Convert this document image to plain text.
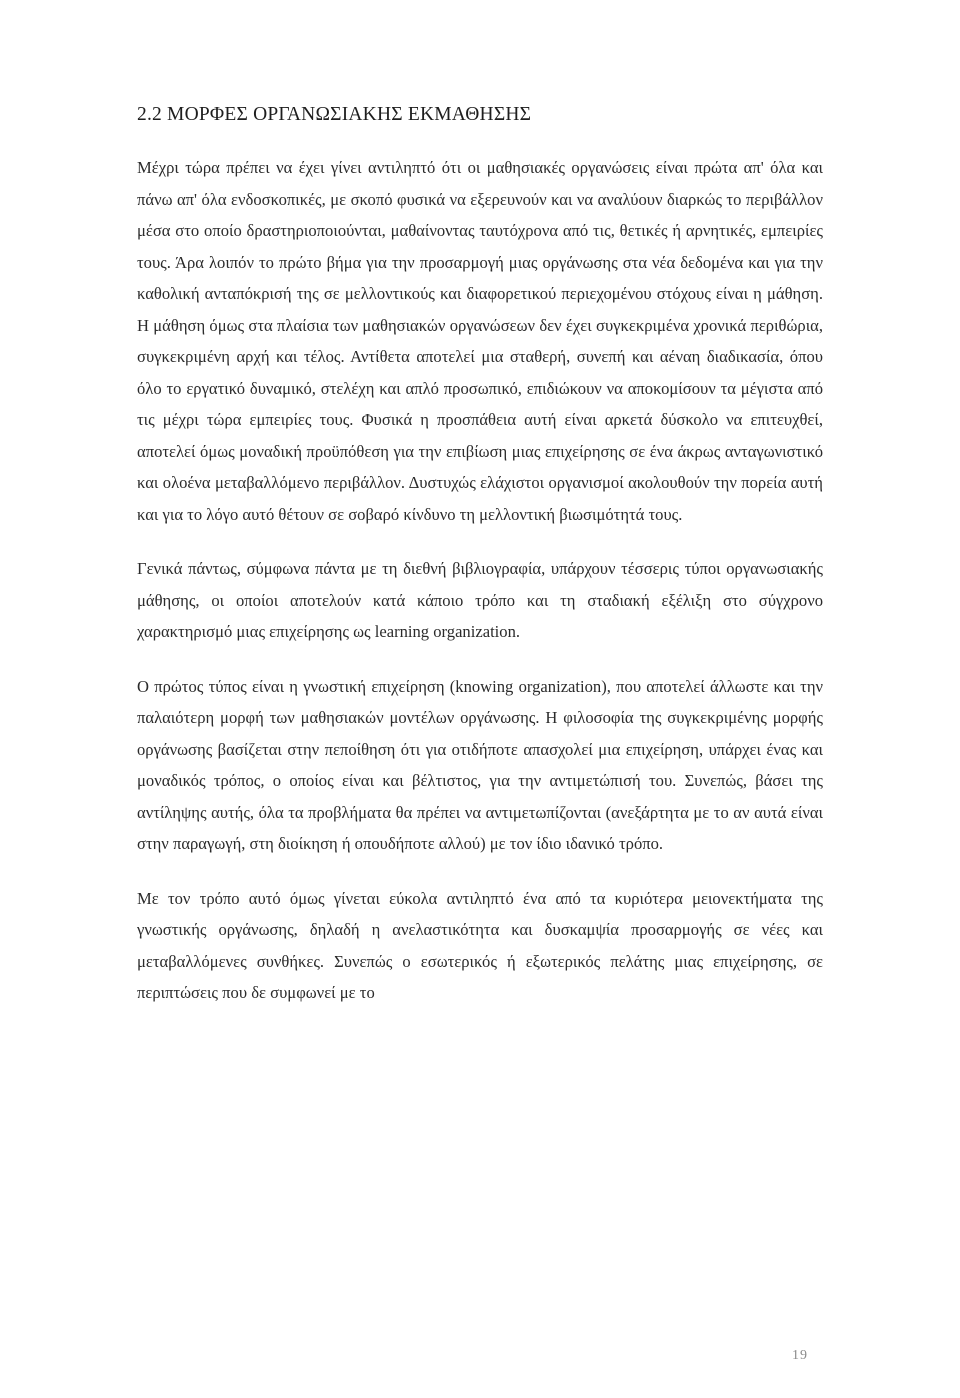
2.2 ΜΟΡΦΕΣ ΟΡΓΑΝΩΣΙΑΚΗΣ ΕΚΜΑΘΗΣΗΣ

Μέχρι τώρα πρέπει να έχει γίνει αντιληπτό ότι οι μαθησιακές οργανώσεις είναι πρώτα απ' όλα και πάνω απ' όλα ενδοσκοπικές, με σκοπό φυσικά να εξερευνούν και να αναλύουν διαρκώς το περιβάλλον μέσα στο οποίο δραστηριοποιούνται, μαθαίνοντας ταυτόχρονα από τις, θετικές ή αρνητικές, εμπειρίες τους. Άρα λοιπόν το πρώτο βήμα για την προσαρμογή μιας οργάνωσης στα νέα δεδομένα και για την καθολική ανταπόκρισή της σε μελλοντικούς και διαφορετικού περιεχομένου στόχους είναι η μάθηση. Η μάθηση όμως στα πλαίσια των μαθησιακών οργανώσεων δεν έχει συγκεκριμένα χρονικά περιθώρια, συγκεκριμένη αρχή και τέλος. Αντίθετα αποτελεί μια σταθερή, συνεπή και αέναη διαδικασία, όπου όλο το εργατικό δυναμικό, στελέχη και απλό προσωπικό, επιδιώκουν να αποκομίσουν τα μέγιστα από τις μέχρι τώρα εμπειρίες τους. Φυσικά η προσπάθεια αυτή είναι αρκετά δύσκολο να επιτευχθεί, αποτελεί όμως μοναδική προϋπόθεση για την επιβίωση μιας επιχείρησης σε ένα άκρως ανταγωνιστικό και ολοένα μεταβαλλόμενο περιβάλλον. Δυστυχώς ελάχιστοι οργανισμοί ακολουθούν την πορεία αυτή και για το λόγο αυτό θέτουν σε σοβαρό κίνδυνο τη μελλοντική βιωσιμότητά τους.

Γενικά πάντως, σύμφωνα πάντα με τη διεθνή βιβλιογραφία, υπάρχουν τέσσερις τύποι οργανωσιακής μάθησης, οι οποίοι αποτελούν κατά κάποιο τρόπο και τη σταδιακή εξέλιξη στο σύγχρονο χαρακτηρισμό μιας επιχείρησης ως learning organization.

Ο πρώτος τύπος είναι η γνωστική επιχείρηση (knowing organization), που αποτελεί άλλωστε και την παλαιότερη μορφή των μαθησιακών μοντέλων οργάνωσης. Η φιλοσοφία της συγκεκριμένης μορφής οργάνωσης βασίζεται στην πεποίθηση ότι για οτιδήποτε απασχολεί μια επιχείρηση, υπάρχει ένας και μοναδικός τρόπος, ο οποίος είναι και βέλτιστος, για την αντιμετώπισή του. Συνεπώς, βάσει της αντίληψης αυτής, όλα τα προβλήματα θα πρέπει να αντιμετωπίζονται (ανεξάρτητα με το αν αυτά είναι στην παραγωγή, στη διοίκηση ή οπουδήποτε αλλού) με τον ίδιο ιδανικό τρόπο.

Με τον τρόπο αυτό όμως γίνεται εύκολα αντιληπτό ένα από τα κυριότερα μειονεκτήματα της γνωστικής οργάνωσης, δηλαδή η ανελαστικότητα και δυσκαμψία προσαρμογής σε νέες και μεταβαλλόμενες συνθήκες. Συνεπώς ο εσωτερικός ή εξωτερικός πελάτης μιας επιχείρησης, σε περιπτώσεις που δε συμφωνεί με το

19
